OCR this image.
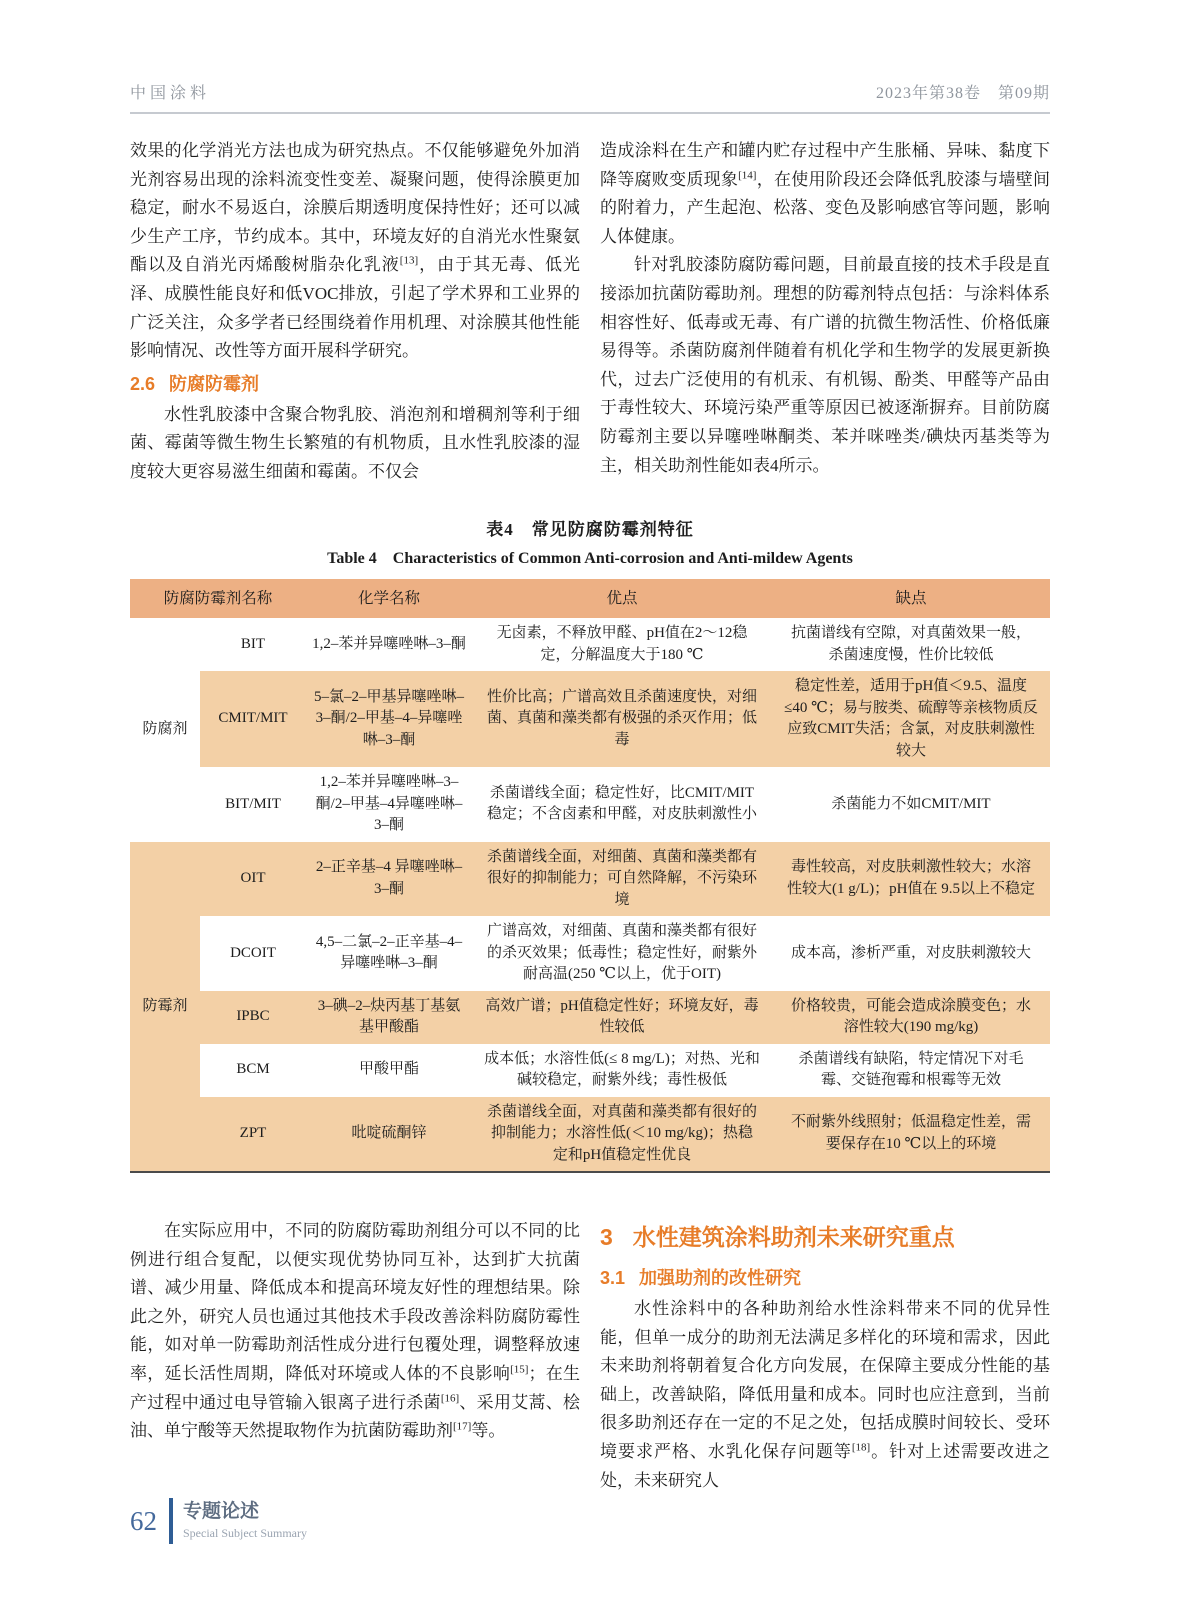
中国涂料	2023年第38卷　第09期

效果的化学消光方法也成为研究热点。不仅能够避免外加消光剂容易出现的涂料流变性变差、凝聚问题，使得涂膜更加稳定，耐水不易返白，涂膜后期透明度保持性好；还可以减少生产工序，节约成本。其中，环境友好的自消光水性聚氨酯以及自消光丙烯酸树脂杂化乳液[13]，由于其无毒、低光泽、成膜性能良好和低VOC排放，引起了学术界和工业界的广泛关注，众多学者已经围绕着作用机理、对涂膜其他性能影响情况、改性等方面开展科学研究。

2.6 防腐防霉剂

水性乳胶漆中含聚合物乳胶、消泡剂和增稠剂等利于细菌、霉菌等微生物生长繁殖的有机物质，且水性乳胶漆的湿度较大更容易滋生细菌和霉菌。不仅会

造成涂料在生产和罐内贮存过程中产生胀桶、异味、黏度下降等腐败变质现象[14]，在使用阶段还会降低乳胶漆与墙壁间的附着力，产生起泡、松落、变色及影响感官等问题，影响人体健康。

针对乳胶漆防腐防霉问题，目前最直接的技术手段是直接添加抗菌防霉助剂。理想的防霉剂特点包括：与涂料体系相容性好、低毒或无毒、有广谱的抗微生物活性、价格低廉易得等。杀菌防腐剂伴随着有机化学和生物学的发展更新换代，过去广泛使用的有机汞、有机锡、酚类、甲醛等产品由于毒性较大、环境污染严重等原因已被逐渐摒弃。目前防腐防霉剂主要以异噻唑啉酮类、苯并咪唑类/碘炔丙基类等为主，相关助剂性能如表4所示。

表4　常见防腐防霉剂特征
Table 4　Characteristics of Common Anti-corrosion and Anti-mildew Agents
防腐防霉剂名称		化学名称	优点	缺点
防腐剂	BIT	1,2–苯并异噻唑啉–3–酮	无卤素，不释放甲醛、pH值在2～12稳定，分解温度大于180 ℃	抗菌谱线有空隙，对真菌效果一般，杀菌速度慢，性价比较低
	CMIT/MIT	5–氯–2–甲基异噻唑啉–3–酮/2–甲基–4–异噻唑啉–3–酮	性价比高；广谱高效且杀菌速度快，对细菌、真菌和藻类都有极强的杀灭作用；低毒	稳定性差，适用于pH值＜9.5、温度≤40 ℃；易与胺类、硫醇等亲核物质反应致CMIT失活；含氯，对皮肤刺激性较大
	BIT/MIT	1,2–苯并异噻唑啉–3–酮/2–甲基–4异噻唑啉–3–酮	杀菌谱线全面；稳定性好，比CMIT/MIT稳定；不含卤素和甲醛，对皮肤刺激性小	杀菌能力不如CMIT/MIT
防霉剂	OIT	2–正辛基–4 异噻唑啉–3–酮	杀菌谱线全面，对细菌、真菌和藻类都有很好的抑制能力；可自然降解，不污染环境	毒性较高，对皮肤刺激性较大；水溶性较大(1 g/L)；pH值在 9.5以上不稳定
	DCOIT	4,5–二氯–2–正辛基–4–异噻唑啉–3–酮	广谱高效，对细菌、真菌和藻类都有很好的杀灭效果；低毒性；稳定性好，耐紫外耐高温(250 ℃以上，优于OIT)	成本高，渗析严重，对皮肤刺激较大
	IPBC	3–碘–2–炔丙基丁基氨基甲酸酯	高效广谱；pH值稳定性好；环境友好，毒性较低	价格较贵，可能会造成涂膜变色；水溶性较大(190 mg/kg)
	BCM	甲酸甲酯	成本低；水溶性低(≤ 8 mg/L)；对热、光和碱较稳定，耐紫外线；毒性极低	杀菌谱线有缺陷，特定情况下对毛霉、交链孢霉和根霉等无效
	ZPT	吡啶硫酮锌	杀菌谱线全面，对真菌和藻类都有很好的抑制能力；水溶性低(＜10 mg/kg)；热稳定和pH值稳定性优良	不耐紫外线照射；低温稳定性差，需要保存在10 ℃以上的环境

在实际应用中，不同的防腐防霉助剂组分可以不同的比例进行组合复配，以便实现优势协同互补，达到扩大抗菌谱、减少用量、降低成本和提高环境友好性的理想结果。除此之外，研究人员也通过其他技术手段改善涂料防腐防霉性能，如对单一防霉助剂活性成分进行包覆处理，调整释放速率，延长活性周期，降低对环境或人体的不良影响[15]；在生产过程中通过电导管输入银离子进行杀菌[16]、采用艾蒿、桧油、单宁酸等天然提取物作为抗菌防霉助剂[17]等。

3 水性建筑涂料助剂未来研究重点
3.1 加强助剂的改性研究

水性涂料中的各种助剂给水性涂料带来不同的优异性能，但单一成分的助剂无法满足多样化的环境和需求，因此未来助剂将朝着复合化方向发展，在保障主要成分性能的基础上，改善缺陷，降低用量和成本。同时也应注意到，当前很多助剂还存在一定的不足之处，包括成膜时间较长、受环境要求严格、水乳化保存问题等[18]。针对上述需要改进之处，未来研究人

62 专题论述
Special Subject Summary
